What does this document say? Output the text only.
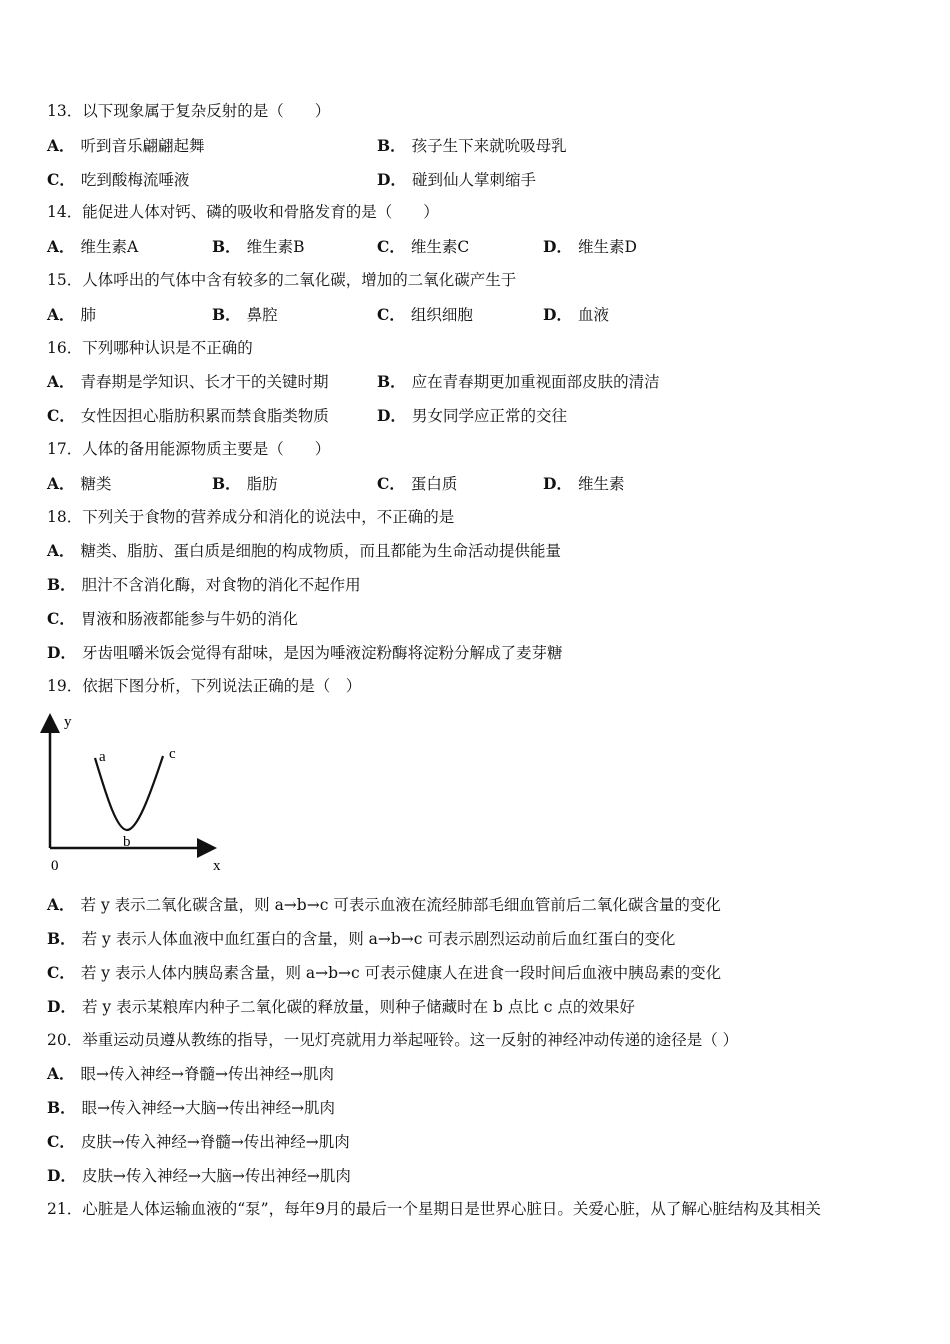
13．以下现象属于复杂反射的是（　　）
A． 听到音乐翩翩起舞	B． 孩子生下来就吮吸母乳
C． 吃到酸梅流唾液	D． 碰到仙人掌刺缩手
14．能促进人体对钙、磷的吸收和骨胳发育的是（　　）
A． 维生素A	B． 维生素B	C． 维生素C	D． 维生素D
15．人体呼出的气体中含有较多的二氧化碳，增加的二氧化碳产生于
A． 肺	B． 鼻腔	C． 组织细胞	D． 血液
16．下列哪种认识是不正确的
A． 青春期是学知识、长才干的关键时期	B． 应在青春期更加重视面部皮肤的清洁
C． 女性因担心脂肪积累而禁食脂类物质	D． 男女同学应正常的交往
17．人体的备用能源物质主要是（　　）
A． 糖类	B． 脂肪	C． 蛋白质	D． 维生素
18．下列关于食物的营养成分和消化的说法中，不正确的是
A． 糖类、脂肪、蛋白质是细胞的构成物质，而且都能为生命活动提供能量
B． 胆汁不含消化酶，对食物的消化不起作用
C． 胃液和肠液都能参与牛奶的消化
D． 牙齿咀嚼米饭会觉得有甜味，是因为唾液淀粉酶将淀粉分解成了麦芽糖
19．依据下图分析，下列说法正确的是（　）
y
x
0
a
b
c
A． 若 y 表示二氧化碳含量，则 a→b→c 可表示血液在流经肺部毛细血管前后二氧化碳含量的变化
B． 若 y 表示人体血液中血红蛋白的含量，则 a→b→c 可表示剧烈运动前后血红蛋白的变化
C． 若 y 表示人体内胰岛素含量，则 a→b→c 可表示健康人在进食一段时间后血液中胰岛素的变化
D． 若 y 表示某粮库内种子二氧化碳的释放量，则种子储藏时在 b 点比 c 点的效果好
20．举重运动员遵从教练的指导，一见灯亮就用力举起哑铃。这一反射的神经冲动传递的途径是（ ）
A． 眼→传入神经→脊髓→传出神经→肌肉
B． 眼→传入神经→大脑→传出神经→肌肉
C． 皮肤→传入神经→脊髓→传出神经→肌肉
D． 皮肤→传入神经→大脑→传出神经→肌肉
21．心脏是人体运输血液的“泵”，每年9月的最后一个星期日是世界心脏日。关爱心脏，从了解心脏结构及其相关
